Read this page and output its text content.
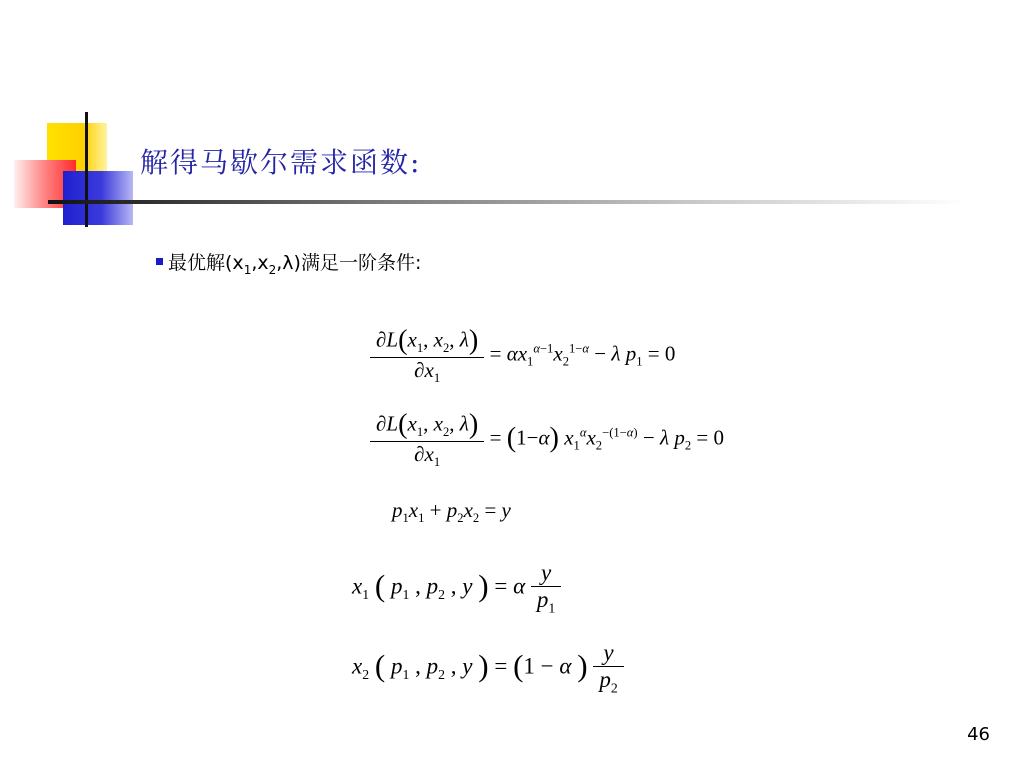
解得马歇尔需求函数:
最优解$(x_1,x_2,\lambda)$满足一阶条件:
$\frac{\partial L(x_1, x_2, \lambda)}{\partial x_1} = \alpha x_1^{\alpha-1}x_2^{1-\alpha} - \lambda$ $p_1 = 0$
$\frac{\partial L(x_1, x_2, \lambda)}{\partial x_1} = (1-\alpha) x_1^\alpha x_2^{-(1-\alpha)} - \lambda$ $p_2 = 0$
$p_1x_1 + p_2x_2 = y$
$x_1$ ( $p_1$ , $p_2$ , y ) = α $\frac{y}{p_1}$
$x_2$ ( $p_1$ , $p_2$ , y ) = (1 − α ) $\frac{y}{p_2}$
46
